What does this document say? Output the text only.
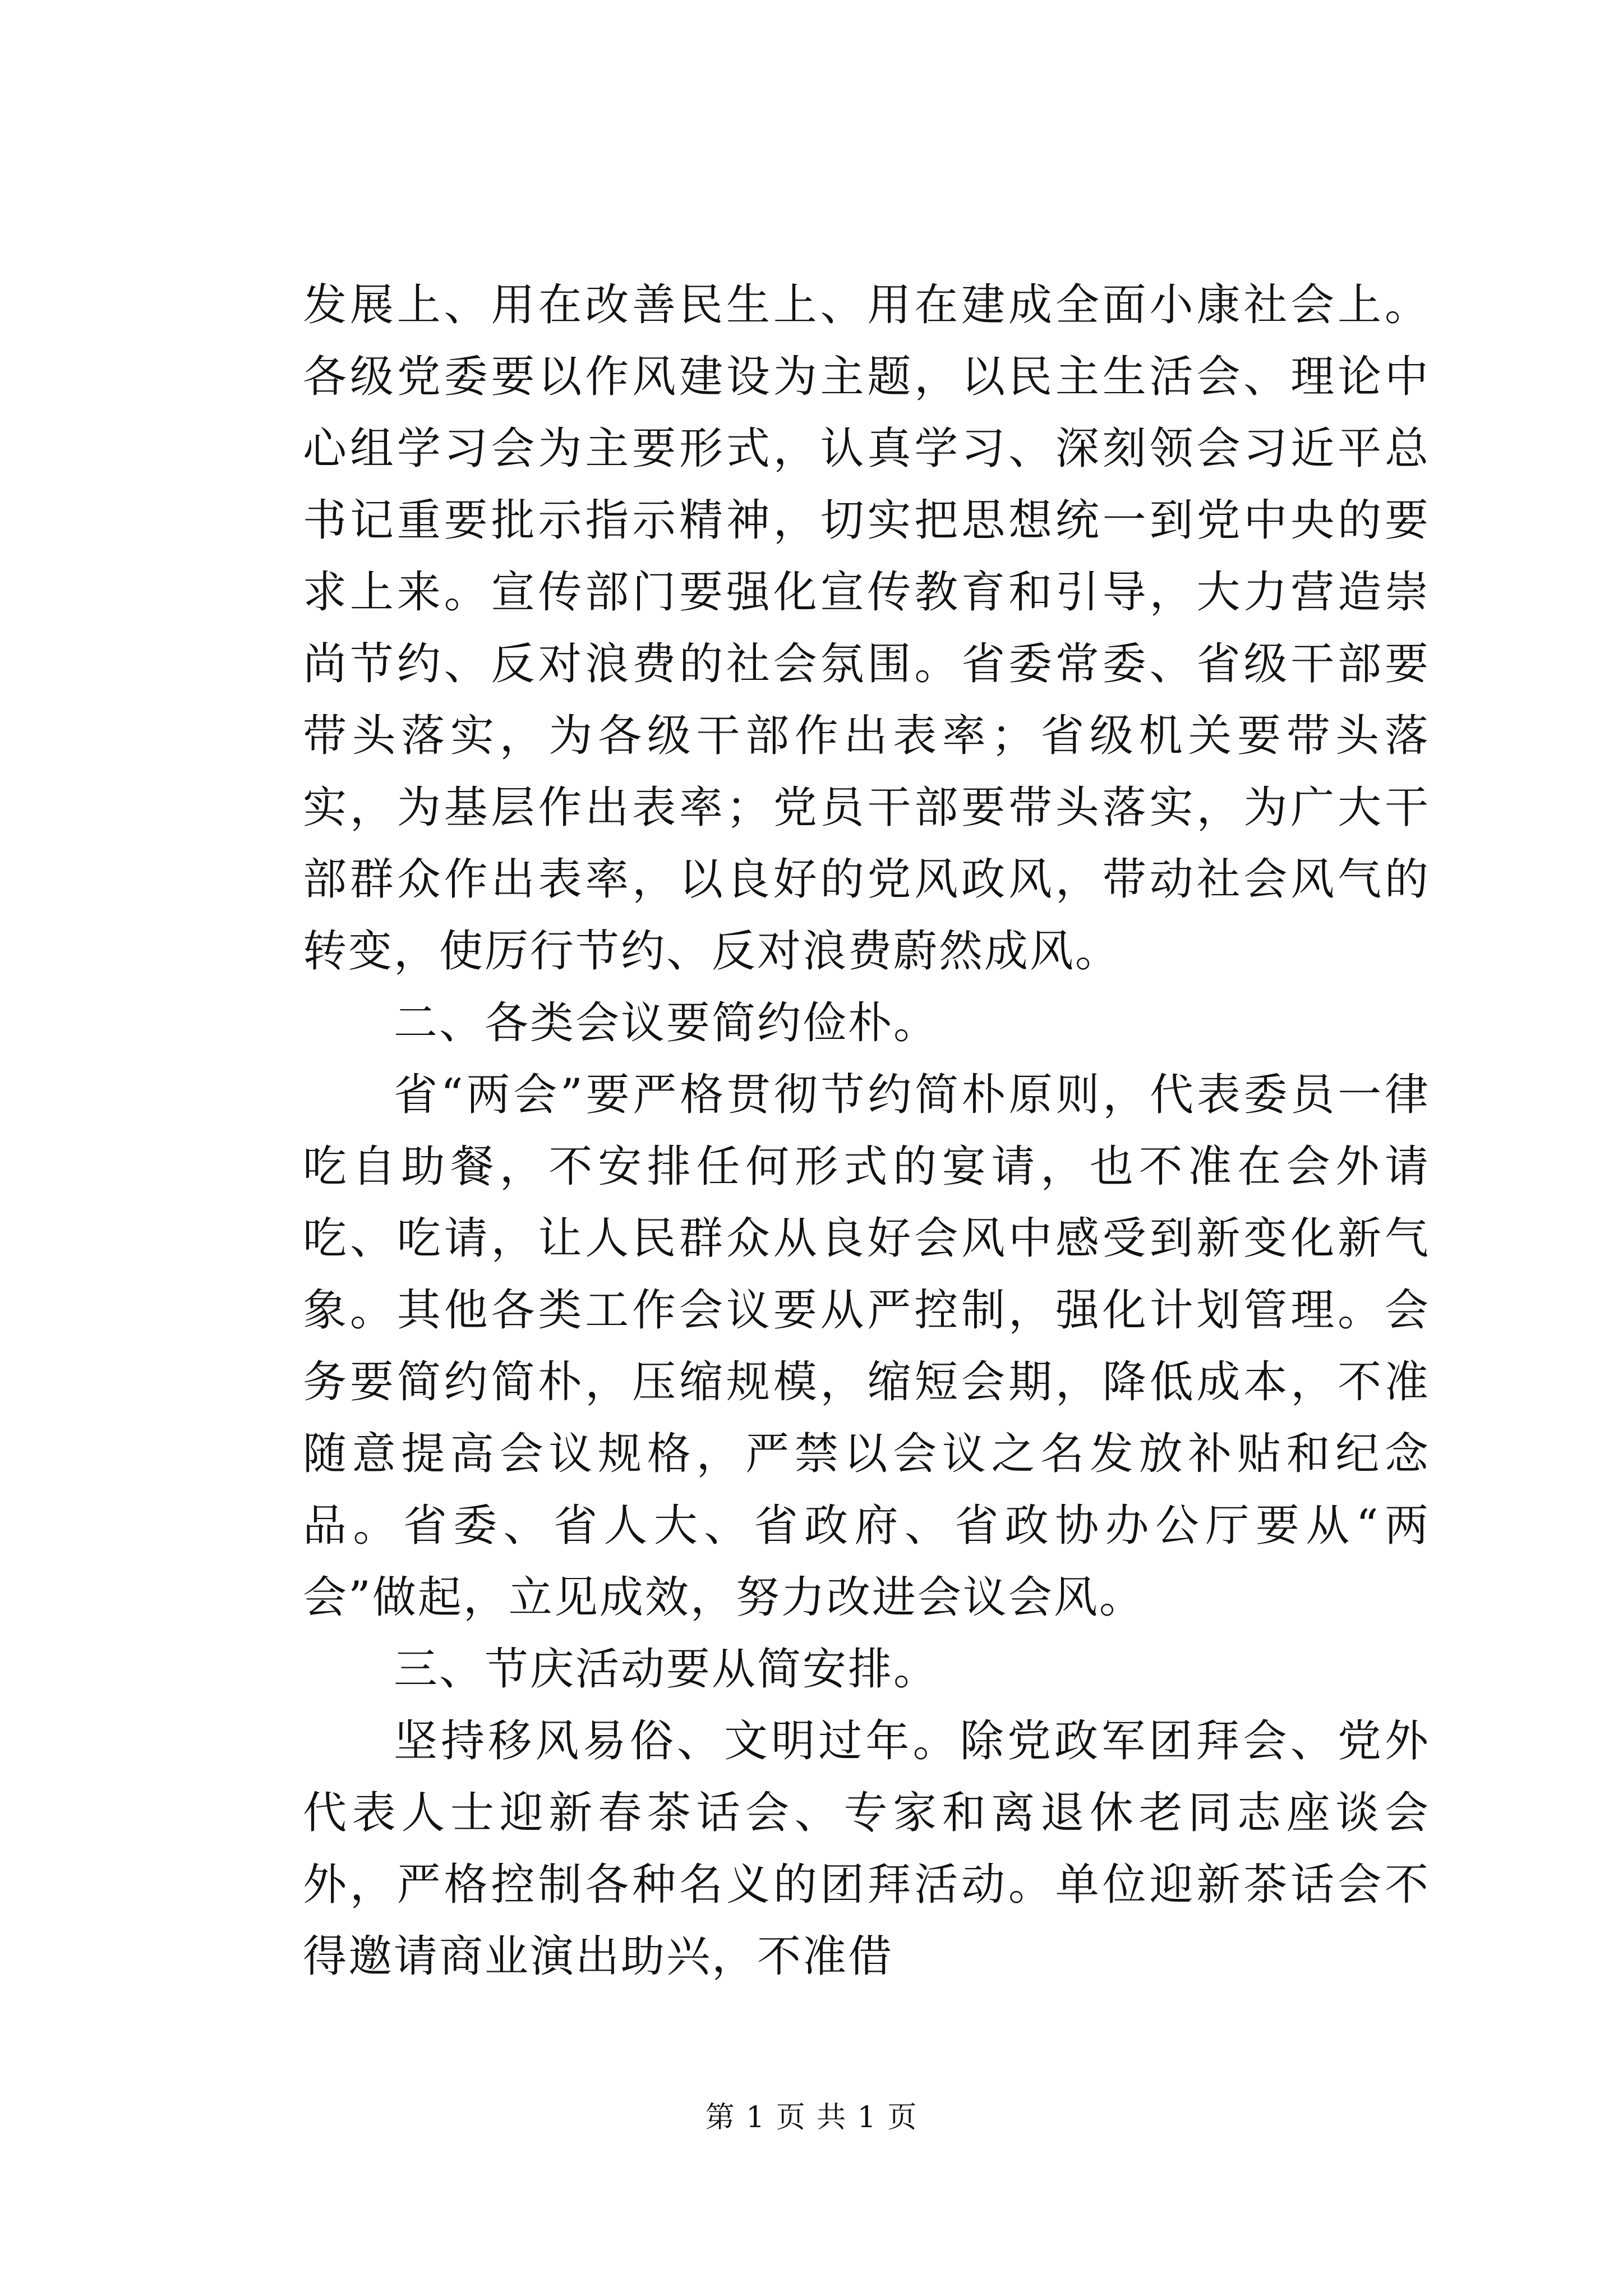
发展上、用在改善民生上、用在建成全面小康社会上。各级党委要以作风建设为主题，以民主生活会、理论中心组学习会为主要形式，认真学习、深刻领会习近平总书记重要批示指示精神，切实把思想统一到党中央的要求上来。宣传部门要强化宣传教育和引导，大力营造崇尚节约、反对浪费的社会氛围。省委常委、省级干部要带头落实，为各级干部作出表率；省级机关要带头落实，为基层作出表率；党员干部要带头落实，为广大干部群众作出表率，以良好的党风政风，带动社会风气的转变，使厉行节约、反对浪费蔚然成风。

二、各类会议要简约俭朴。

省“两会”要严格贯彻节约简朴原则，代表委员一律吃自助餐，不安排任何形式的宴请，也不准在会外请吃、吃请，让人民群众从良好会风中感受到新变化新气象。其他各类工作会议要从严控制，强化计划管理。会务要简约简朴，压缩规模，缩短会期，降低成本，不准随意提高会议规格，严禁以会议之名发放补贴和纪念品。省委、省人大、省政府、省政协办公厅要从“两会”做起，立见成效，努力改进会议会风。

三、节庆活动要从简安排。

坚持移风易俗、文明过年。除党政军团拜会、党外代表人士迎新春茶话会、专家和离退休老同志座谈会外，严格控制各种名义的团拜活动。单位迎新茶话会不得邀请商业演出助兴，不准借

第 1 页 共 1 页
